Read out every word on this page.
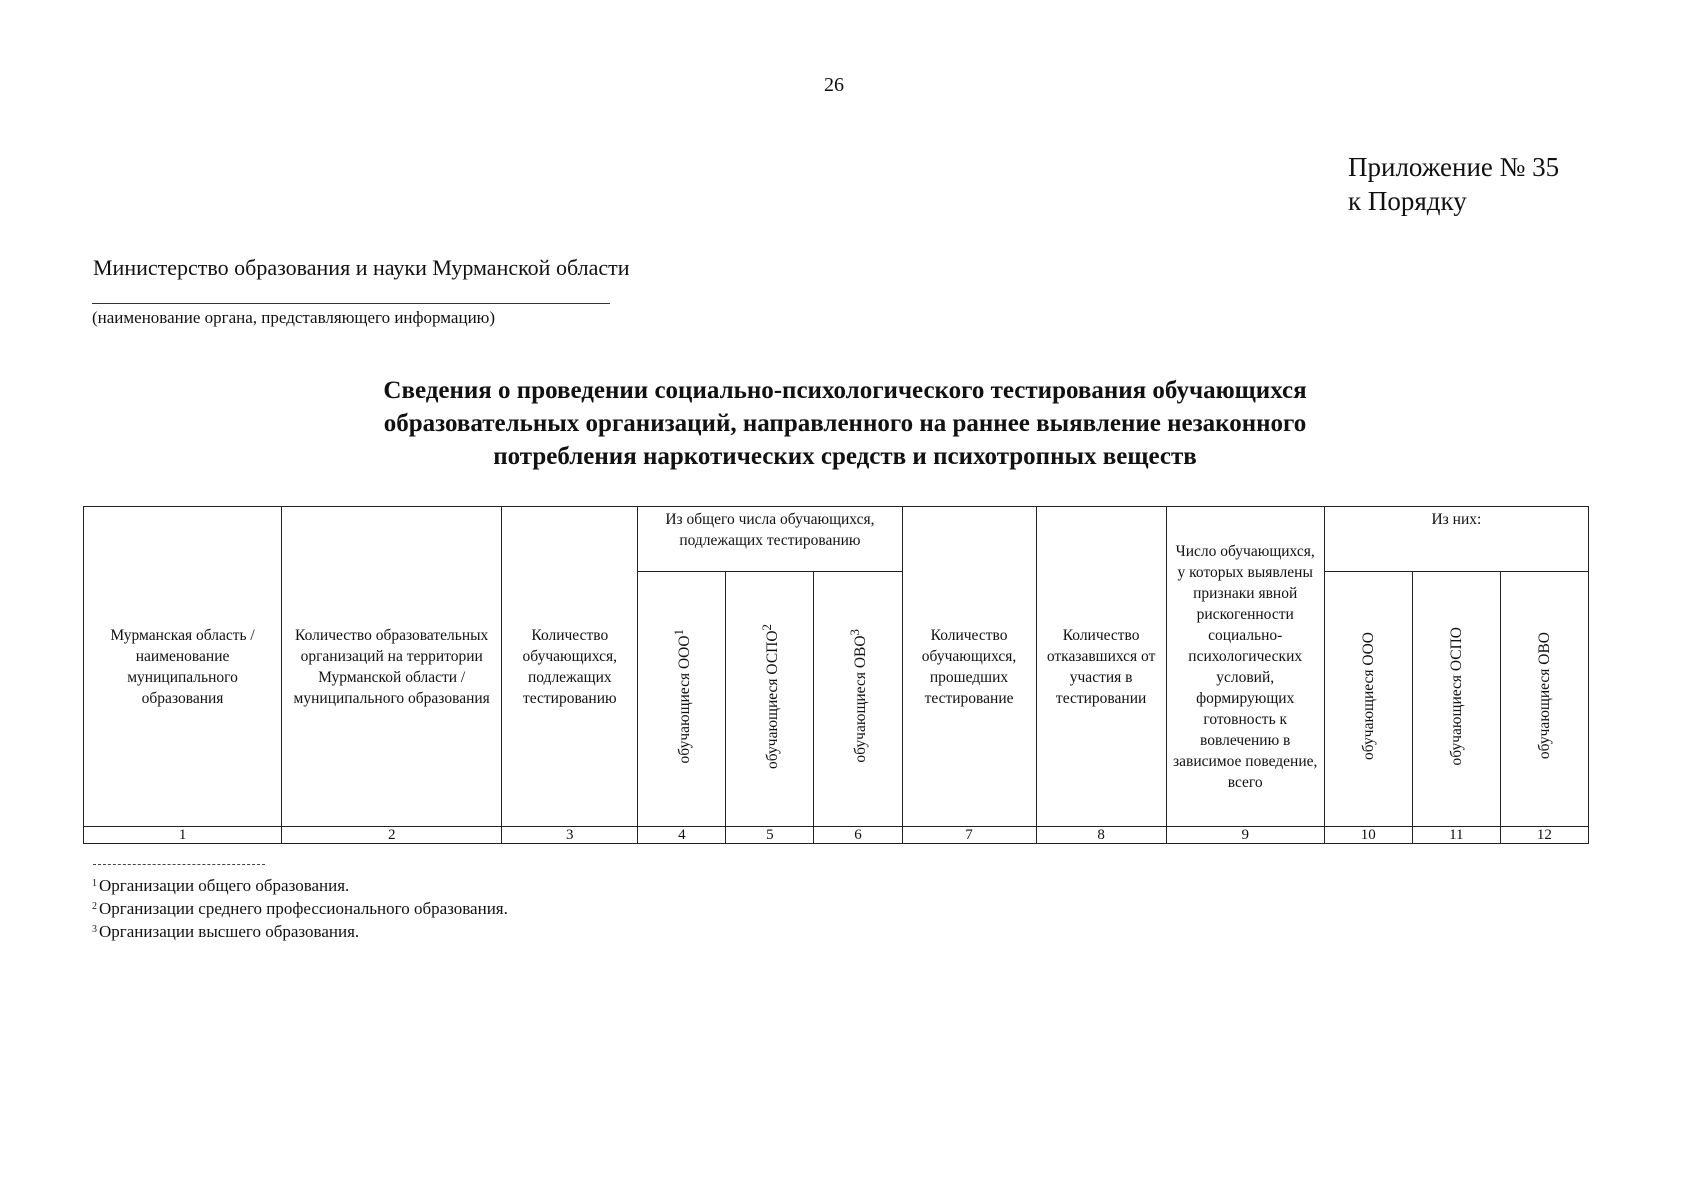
26
Приложение № 35
к Порядку
Министерство образования и науки Мурманской области
(наименование органа, представляющего информацию)
Сведения о проведении социально-психологического тестирования обучающихся
образовательных организаций, направленного на раннее выявление незаконного
потребления наркотических средств и психотропных веществ
Мурманская область / наименование муниципального образования	Количество образовательных организаций на территории Мурманской области / муниципального образования	Количество обучающихся, подлежащих тестированию	Из общего числа обучающихся, подлежащих тестированию			Количество обучающихся, прошедших тестирование	Количество отказавшихся от участия в тестировании	Число обучающихся, у которых выявлены признаки явной рискогенности социально-психологических условий, формирующих готовность к вовлечению в зависимое поведение, всего	Из них:		
			обучающиеся ООО$^1$	обучающиеся ОСПО$^2$	обучающиеся ОВО$^3$				обучающиеся ООО	обучающиеся ОСПО	обучающиеся ОВО
1	2	3	4	5	6	7	8	9	10	11	12
$^1$ Организации общего образования.
$^2$ Организации среднего профессионального образования.
$^3$ Организации высшего образования.
